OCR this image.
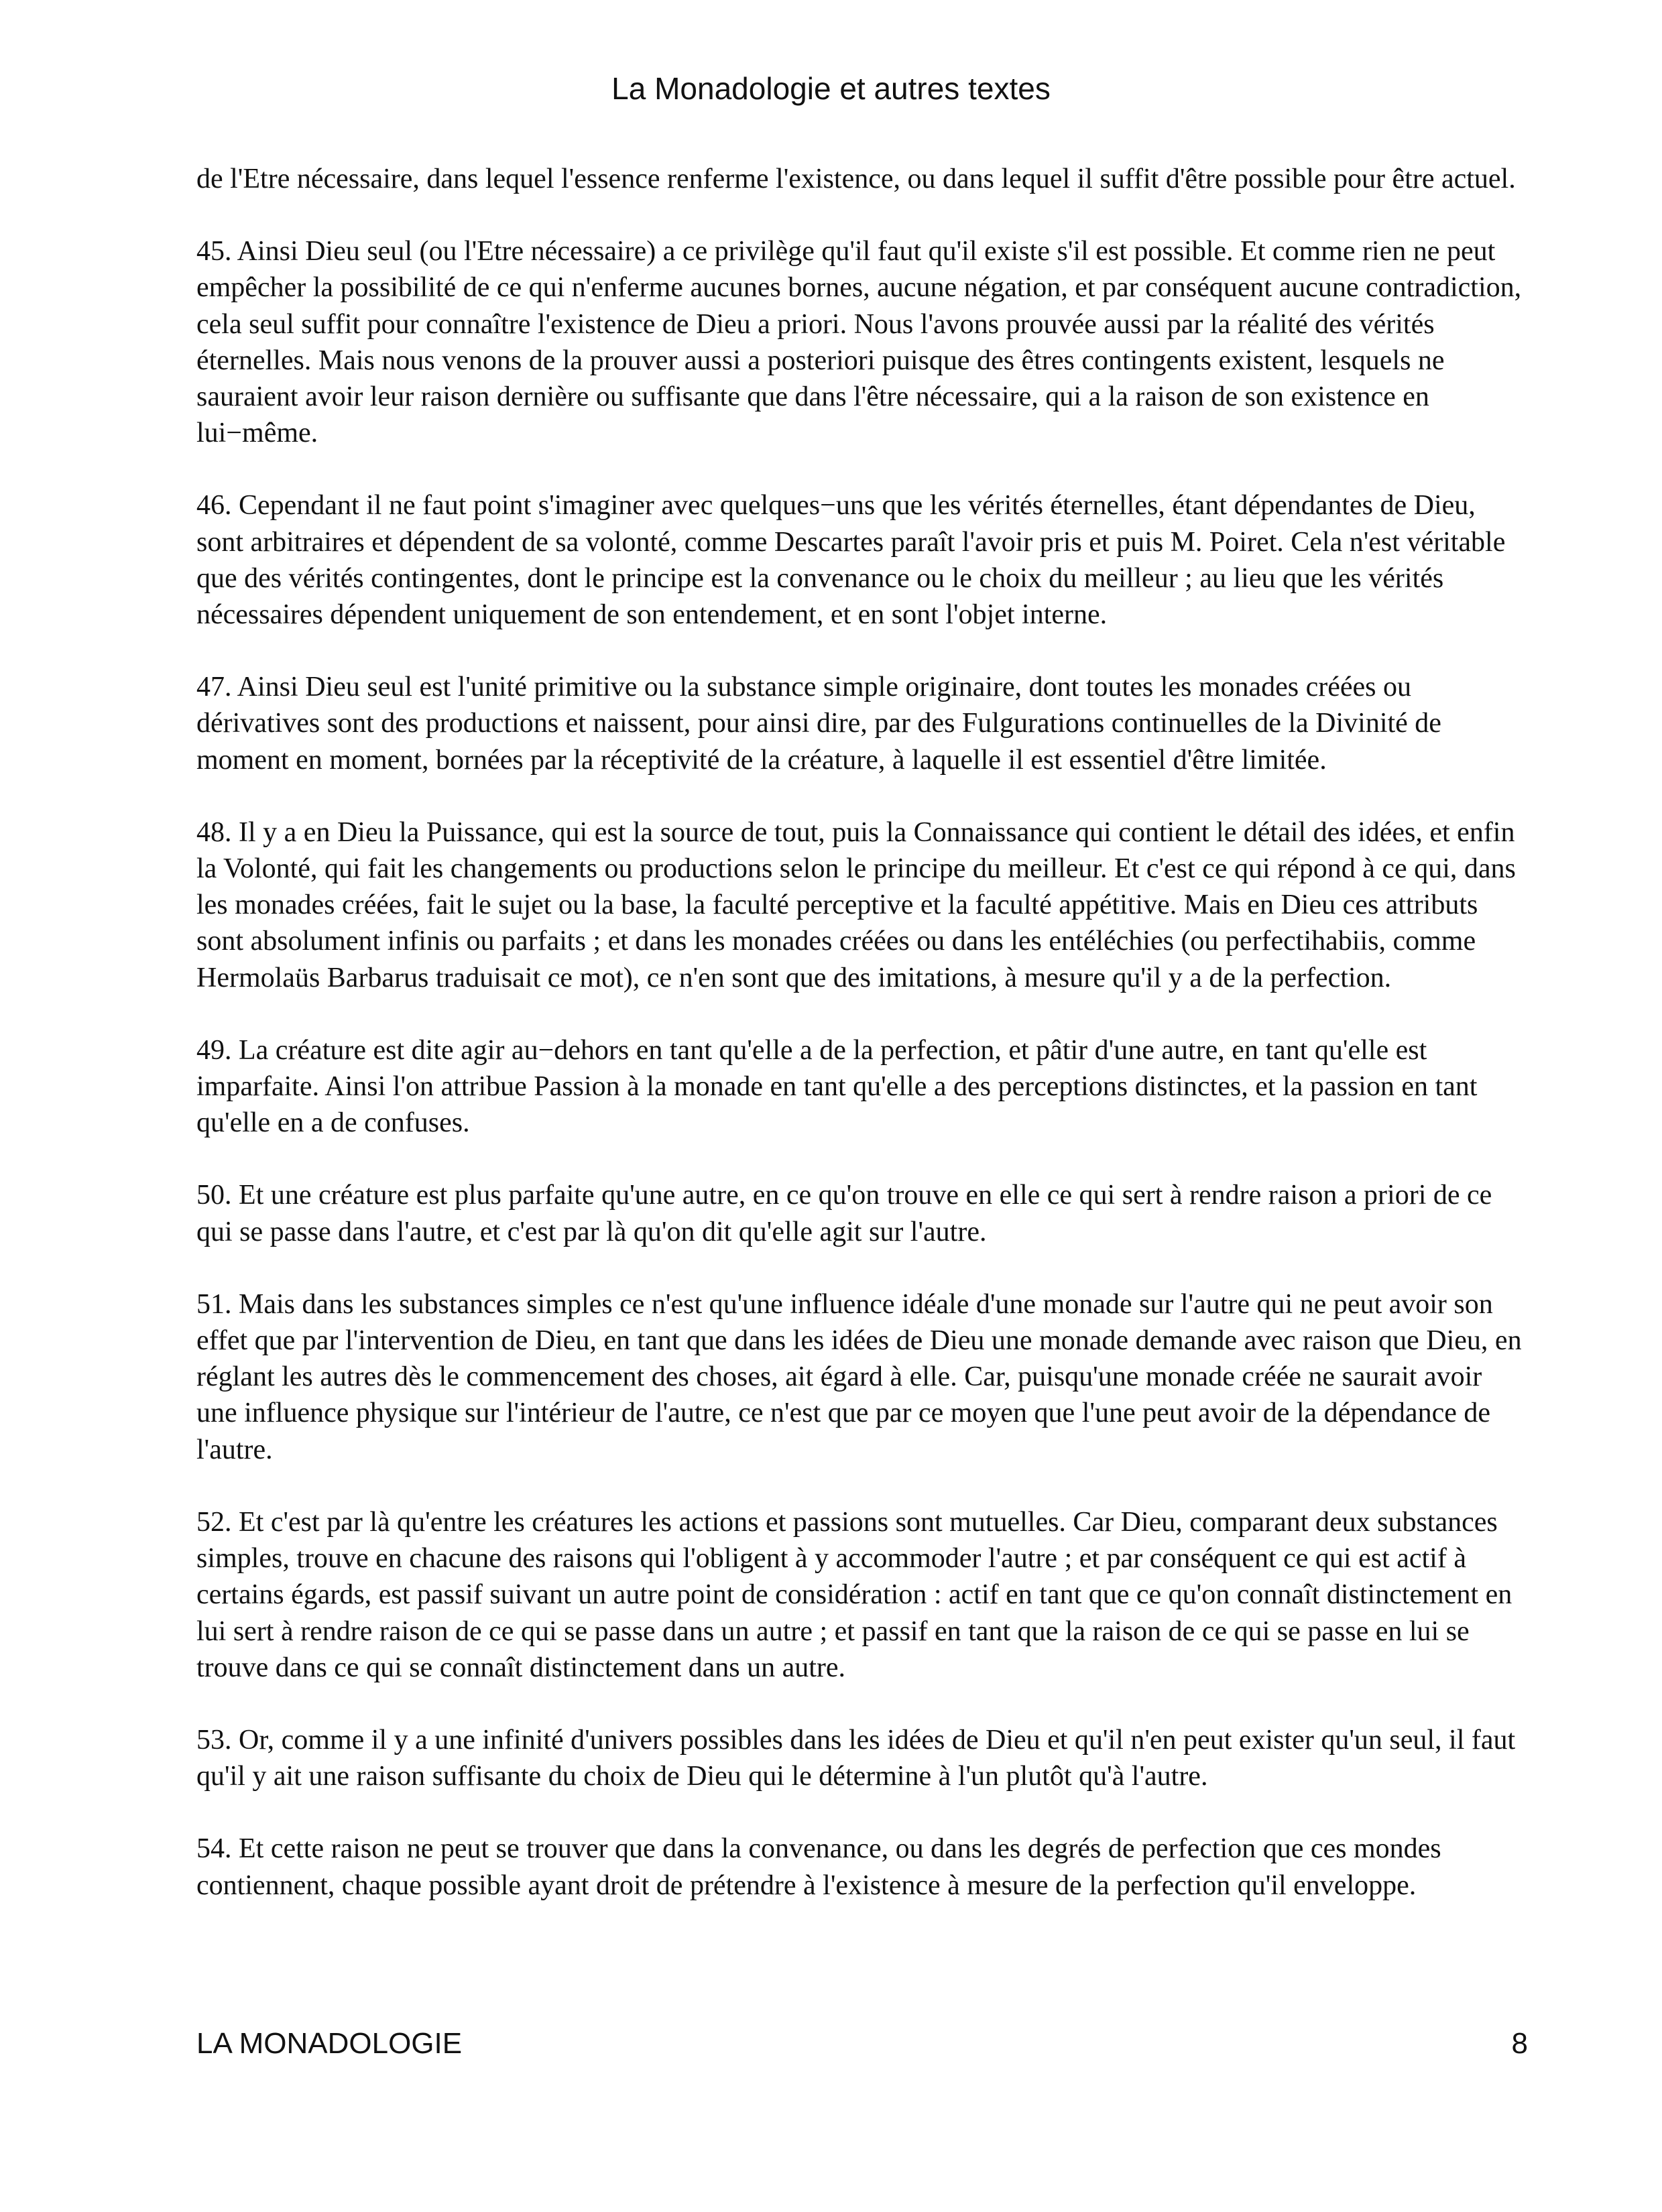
La Monadologie et autres textes

de l'Etre nécessaire, dans lequel l'essence renferme l'existence, ou dans lequel il suffit d'être possible pour être actuel.

45. Ainsi Dieu seul (ou l'Etre nécessaire) a ce privilège qu'il faut qu'il existe s'il est possible. Et comme rien ne peut empêcher la possibilité de ce qui n'enferme aucunes bornes, aucune négation, et par conséquent aucune contradiction, cela seul suffit pour connaître l'existence de Dieu a priori. Nous l'avons prouvée aussi par la réalité des vérités éternelles. Mais nous venons de la prouver aussi a posteriori puisque des êtres contingents existent, lesquels ne sauraient avoir leur raison dernière ou suffisante que dans l'être nécessaire, qui a la raison de son existence en lui−même.

46. Cependant il ne faut point s'imaginer avec quelques−uns que les vérités éternelles, étant dépendantes de Dieu, sont arbitraires et dépendent de sa volonté, comme Descartes paraît l'avoir pris et puis M. Poiret. Cela n'est véritable que des vérités contingentes, dont le principe est la convenance ou le choix du meilleur ; au lieu que les vérités nécessaires dépendent uniquement de son entendement, et en sont l'objet interne.

47. Ainsi Dieu seul est l'unité primitive ou la substance simple originaire, dont toutes les monades créées ou dérivatives sont des productions et naissent, pour ainsi dire, par des Fulgurations continuelles de la Divinité de moment en moment, bornées par la réceptivité de la créature, à laquelle il est essentiel d'être limitée.

48. Il y a en Dieu la Puissance, qui est la source de tout, puis la Connaissance qui contient le détail des idées, et enfin la Volonté, qui fait les changements ou productions selon le principe du meilleur. Et c'est ce qui répond à ce qui, dans les monades créées, fait le sujet ou la base, la faculté perceptive et la faculté appétitive. Mais en Dieu ces attributs sont absolument infinis ou parfaits ; et dans les monades créées ou dans les entéléchies (ou perfectihabiis, comme Hermolaüs Barbarus traduisait ce mot), ce n'en sont que des imitations, à mesure qu'il y a de la perfection.

49. La créature est dite agir au−dehors en tant qu'elle a de la perfection, et pâtir d'une autre, en tant qu'elle est imparfaite. Ainsi l'on attribue Passion à la monade en tant qu'elle a des perceptions distinctes, et la passion en tant qu'elle en a de confuses.

50. Et une créature est plus parfaite qu'une autre, en ce qu'on trouve en elle ce qui sert à rendre raison a priori de ce qui se passe dans l'autre, et c'est par là qu'on dit qu'elle agit sur l'autre.

51. Mais dans les substances simples ce n'est qu'une influence idéale d'une monade sur l'autre qui ne peut avoir son effet que par l'intervention de Dieu, en tant que dans les idées de Dieu une monade demande avec raison que Dieu, en réglant les autres dès le commencement des choses, ait égard à elle. Car, puisqu'une monade créée ne saurait avoir une influence physique sur l'intérieur de l'autre, ce n'est que par ce moyen que l'une peut avoir de la dépendance de l'autre.

52. Et c'est par là qu'entre les créatures les actions et passions sont mutuelles. Car Dieu, comparant deux substances simples, trouve en chacune des raisons qui l'obligent à y accommoder l'autre ; et par conséquent ce qui est actif à certains égards, est passif suivant un autre point de considération : actif en tant que ce qu'on connaît distinctement en lui sert à rendre raison de ce qui se passe dans un autre ; et passif en tant que la raison de ce qui se passe en lui se trouve dans ce qui se connaît distinctement dans un autre.

53. Or, comme il y a une infinité d'univers possibles dans les idées de Dieu et qu'il n'en peut exister qu'un seul, il faut qu'il y ait une raison suffisante du choix de Dieu qui le détermine à l'un plutôt qu'à l'autre.

54. Et cette raison ne peut se trouver que dans la convenance, ou dans les degrés de perfection que ces mondes contiennent, chaque possible ayant droit de prétendre à l'existence à mesure de la perfection qu'il enveloppe.

LA MONADOLOGIE	8
